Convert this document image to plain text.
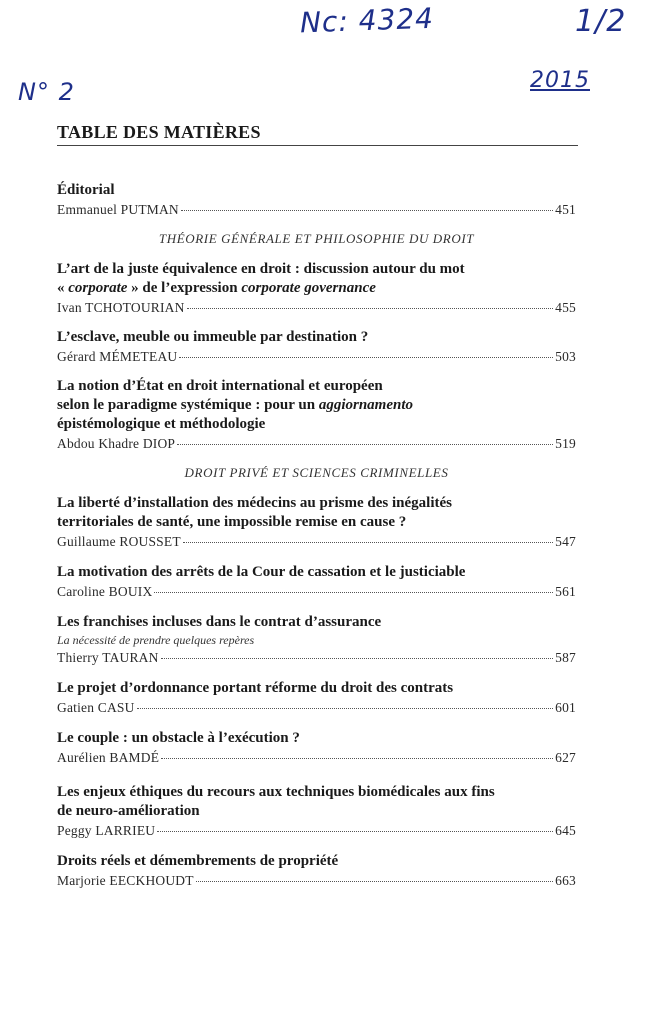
Nc: 4324	1/2
N° 2	2015
TABLE DES MATIÈRES
Éditorial
Emmanuel PUTMAN	451
THÉORIE GÉNÉRALE ET PHILOSOPHIE DU DROIT
L’art de la juste équivalence en droit : discussion autour du mot
« corporate » de l’expression corporate governance
Ivan TCHOTOURIAN	455
L’esclave, meuble ou immeuble par destination ?
Gérard MÉMETEAU	503
La notion d’État en droit international et européen
selon le paradigme systémique : pour un aggiornamento
épistémologique et méthodologie
Abdou Khadre DIOP	519
DROIT PRIVÉ ET SCIENCES CRIMINELLES
La liberté d’installation des médecins au prisme des inégalités
territoriales de santé, une impossible remise en cause ?
Guillaume ROUSSET	547
La motivation des arrêts de la Cour de cassation et le justiciable
Caroline BOUIX	561
Les franchises incluses dans le contrat d’assurance
La nécessité de prendre quelques repères
Thierry TAURAN	587
Le projet d’ordonnance portant réforme du droit des contrats
Gatien CASU	601
Le couple : un obstacle à l’exécution ?
Aurélien BAMDÉ	627
Les enjeux éthiques du recours aux techniques biomédicales aux fins
de neuro-amélioration
Peggy LARRIEU	645
Droits réels et démembrements de propriété
Marjorie EECKHOUDT	663
